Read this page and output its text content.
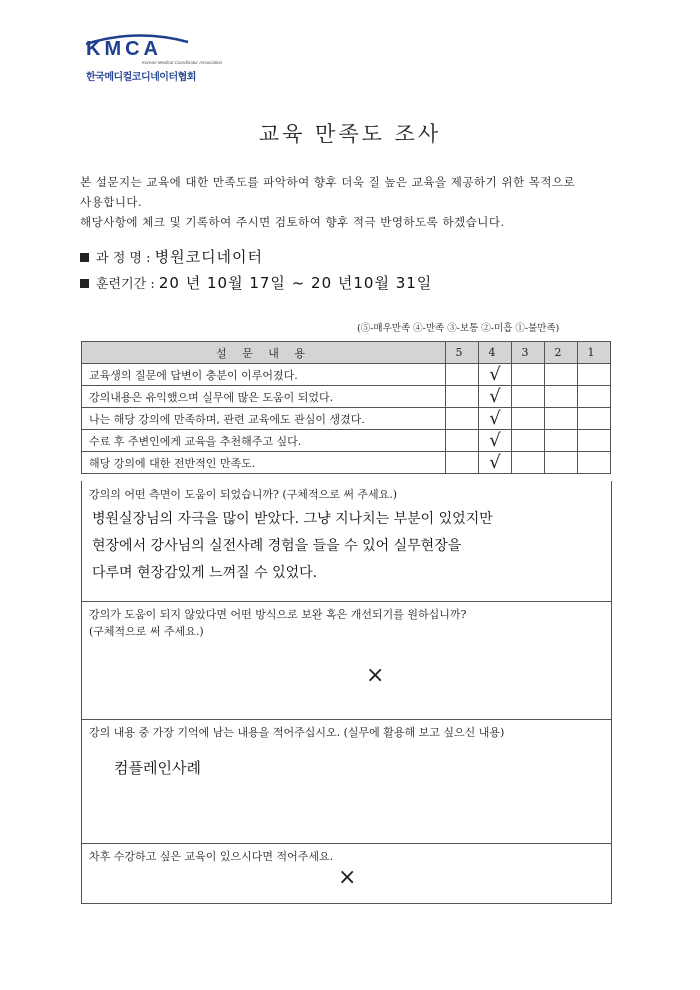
KMCA
Korean Medical Coordinator Association
한국메디컬코디네이터협회
교육 만족도 조사

본 설문지는 교육에 대한 만족도를 파악하여 향후 더욱 질 높은 교육을 제공하기 위한 목적으로

사용합니다.

해당사항에 체크 및 기록하여 주시면 검토하여 향후 적극 반영하도록 하겠습니다.

과 정 명 : 병원코디네이터
훈련기간 : 20 년 10월 17일 ~ 20 년10월 31일
(⑤-매우만족 ④-만족 ③-보통 ②-미흡 ①-불만족)
설 문 내 용	5	4	3	2	1
교육생의 질문에 답변이 충분이 이루어졌다.		√			
강의내용은 유익했으며 실무에 많은 도움이 되었다.		√			
나는 해당 강의에 만족하며, 관련 교육에도 관심이 생겼다.		√			
수료 후 주변인에게 교육을 추천해주고 싶다.		√			
해당 강의에 대한 전반적인 만족도.		√			
강의의 어떤 측면이 도움이 되었습니까? (구체적으로 써 주세요.)
병원실장님의 자극을 많이 받았다. 그냥 지나치는 부분이 있었지만
현장에서 강사님의 실전사례 경험을 들을 수 있어 실무현장을
다루며 현장감있게 느껴질 수 있었다.
강의가 도움이 되지 않았다면 어떤 방식으로 보완 혹은 개선되기를 원하십니까?
(구체적으로 써 주세요.)
×
강의 내용 중 가장 기억에 남는 내용을 적어주십시오. (실무에 활용해 보고 싶으신 내용)
컴플레인사례
차후 수강하고 싶은 교육이 있으시다면 적어주세요.
×
